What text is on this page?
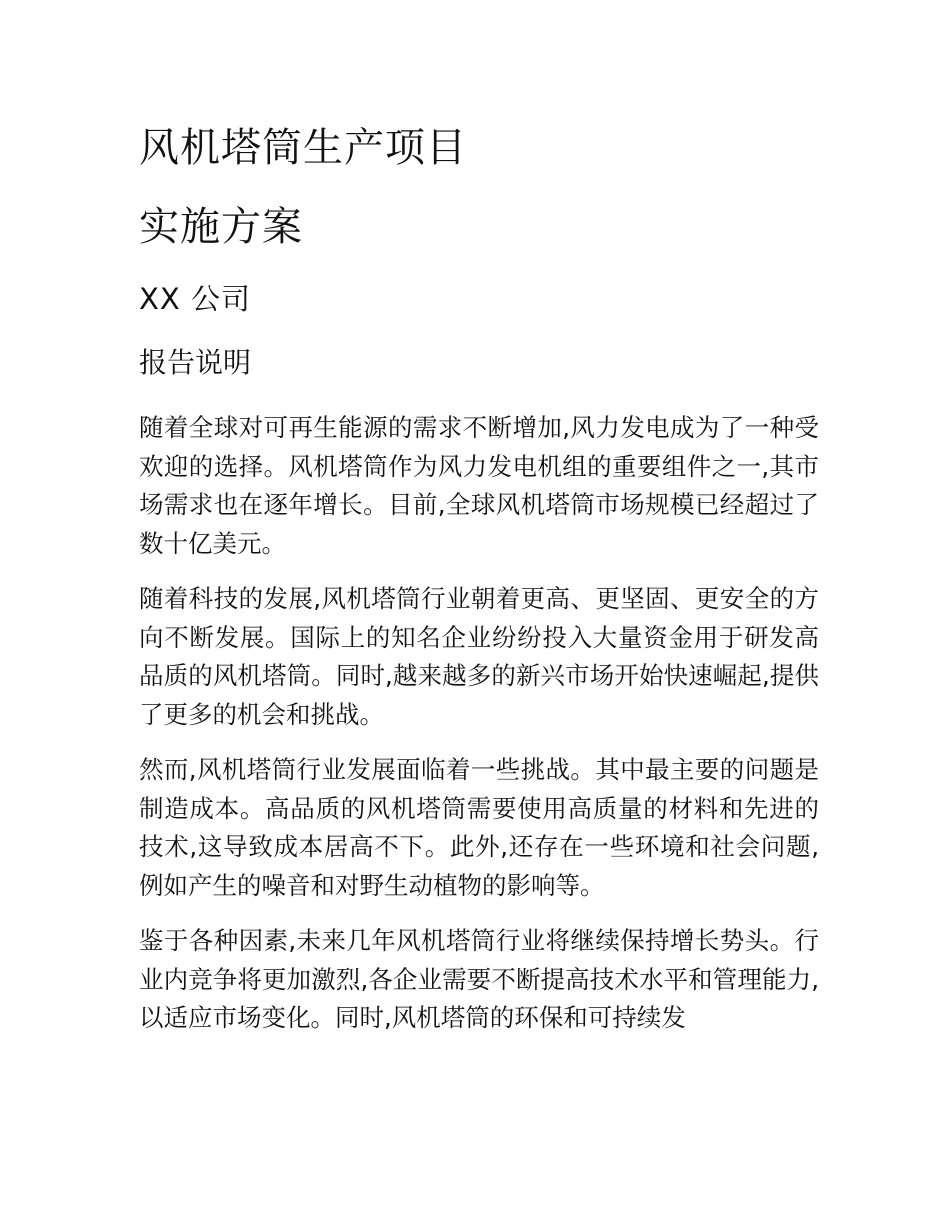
风机塔筒生产项目
实施方案
XX 公司
报告说明

随着全球对可再生能源的需求不断增加,风力发电成为了一种受欢迎的选择。风机塔筒作为风力发电机组的重要组件之一,其市场需求也在逐年增长。目前,全球风机塔筒市场规模已经超过了数十亿美元。

随着科技的发展,风机塔筒行业朝着更高、更坚固、更安全的方向不断发展。国际上的知名企业纷纷投入大量资金用于研发高品质的风机塔筒。同时,越来越多的新兴市场开始快速崛起,提供了更多的机会和挑战。

然而,风机塔筒行业发展面临着一些挑战。其中最主要的问题是制造成本。高品质的风机塔筒需要使用高质量的材料和先进的技术,这导致成本居高不下。此外,还存在一些环境和社会问题,例如产生的噪音和对野生动植物的影响等。

鉴于各种因素,未来几年风机塔筒行业将继续保持增长势头。行业内竞争将更加激烈,各企业需要不断提高技术水平和管理能力,以适应市场变化。同时,风机塔筒的环保和可持续发
